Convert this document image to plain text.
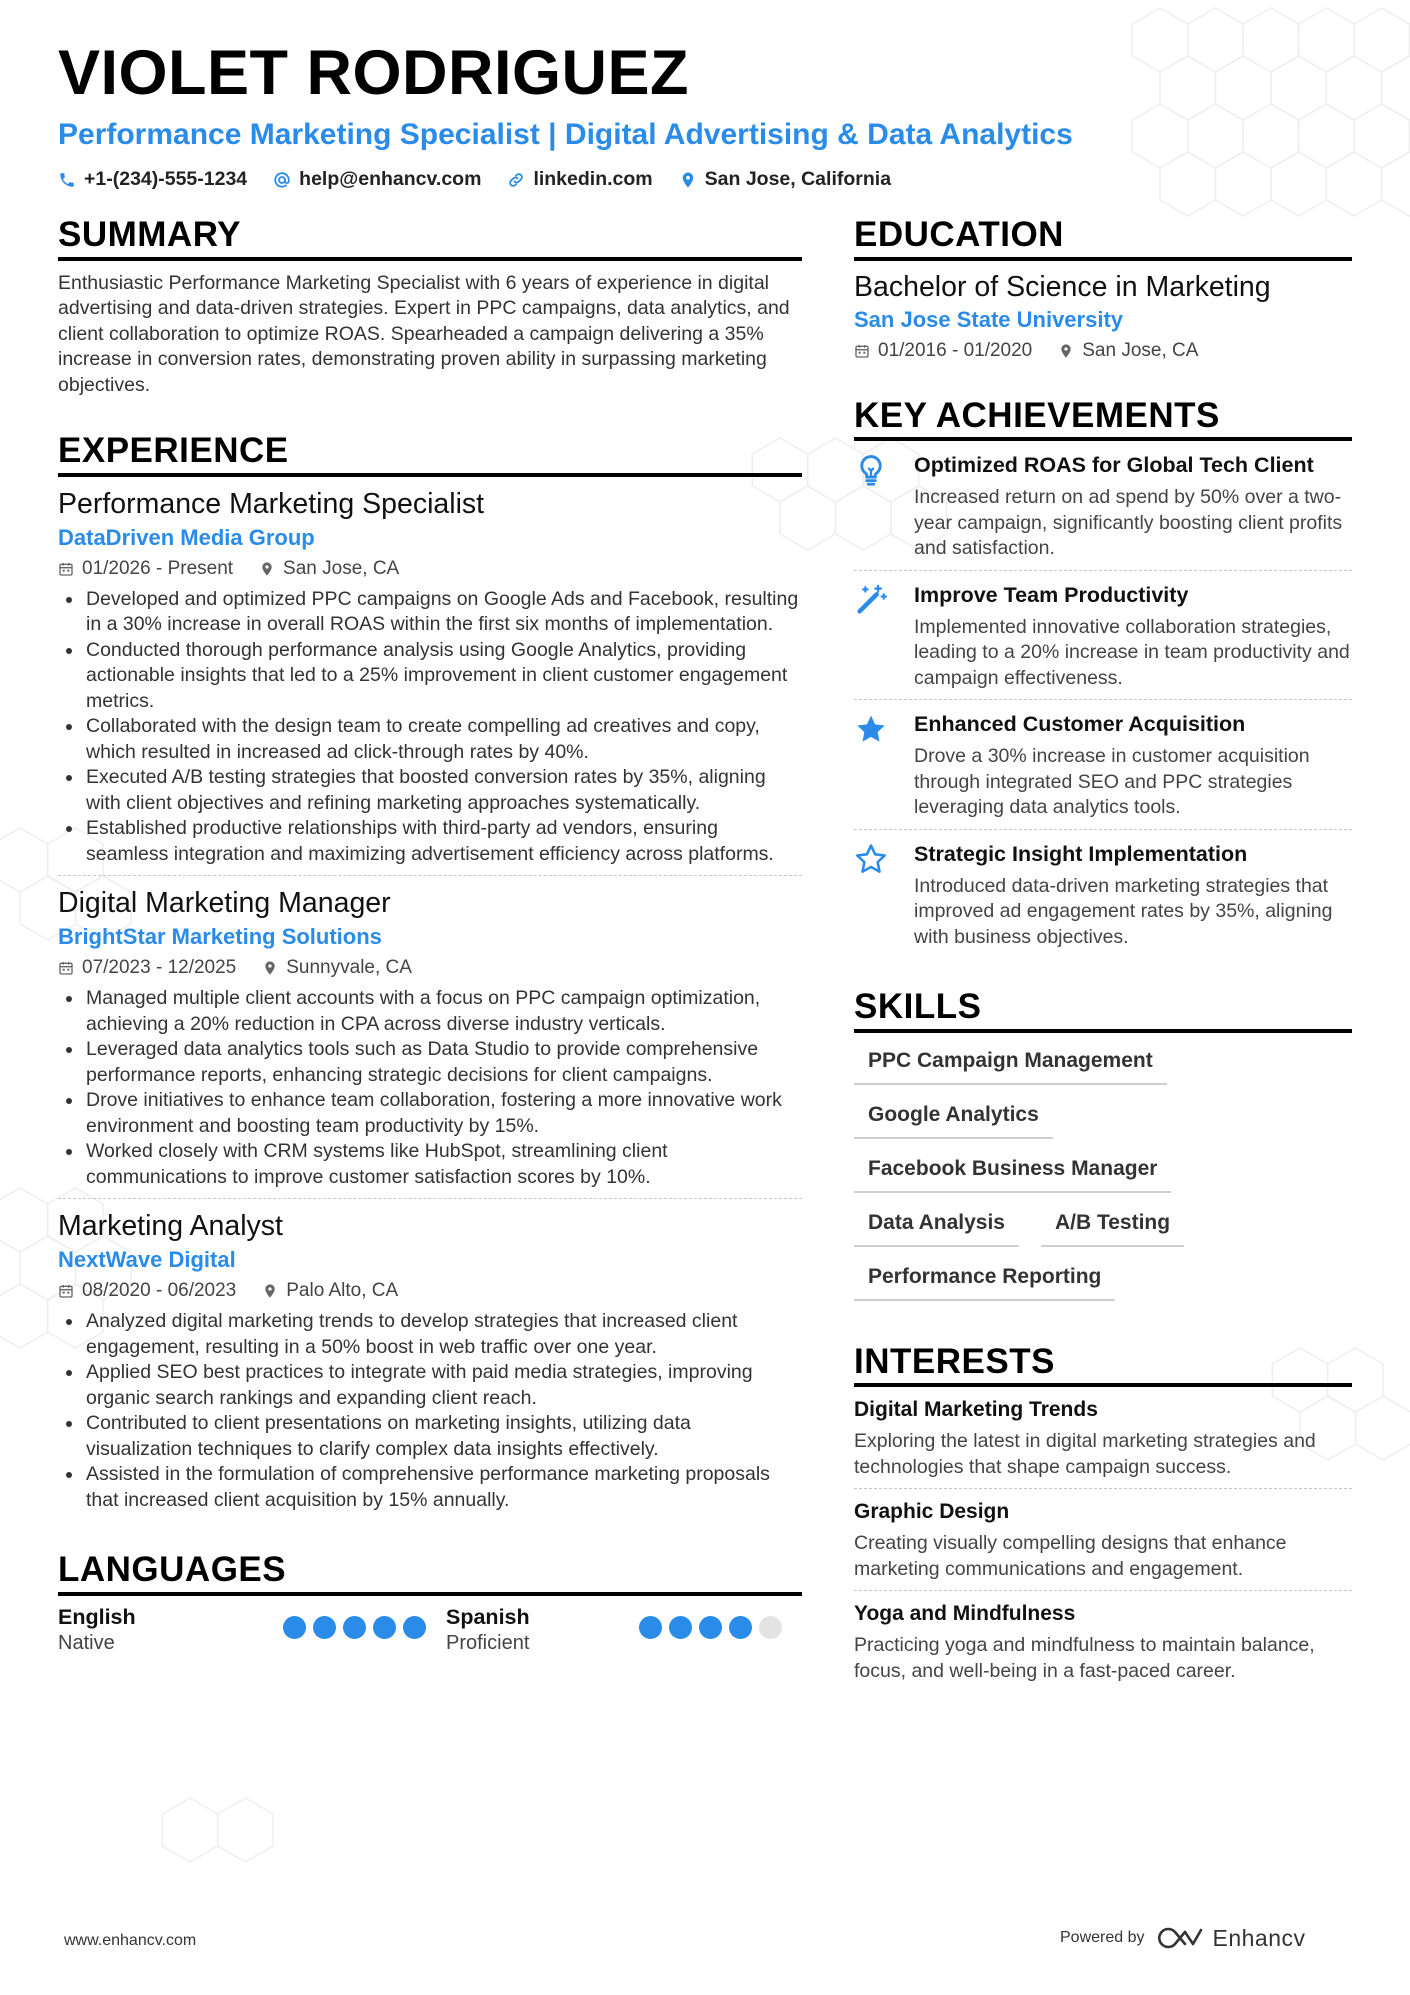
VIOLET RODRIGUEZ
Performance Marketing Specialist | Digital Advertising & Data Analytics
+1-(234)-555-1234	help@enhancv.com	linkedin.com	San Jose, California
SUMMARY
Enthusiastic Performance Marketing Specialist with 6 years of experience in digital advertising and data-driven strategies. Expert in PPC campaigns, data analytics, and client collaboration to optimize ROAS. Spearheaded a campaign delivering a 35% increase in conversion rates, demonstrating proven ability in surpassing marketing objectives.
EXPERIENCE
Performance Marketing Specialist
DataDriven Media Group
01/2026 - Present	San Jose, CA
Developed and optimized PPC campaigns on Google Ads and Facebook, resulting in a 30% increase in overall ROAS within the first six months of implementation.
Conducted thorough performance analysis using Google Analytics, providing actionable insights that led to a 25% improvement in client customer engagement metrics.
Collaborated with the design team to create compelling ad creatives and copy, which resulted in increased ad click-through rates by 40%.
Executed A/B testing strategies that boosted conversion rates by 35%, aligning with client objectives and refining marketing approaches systematically.
Established productive relationships with third-party ad vendors, ensuring seamless integration and maximizing advertisement efficiency across platforms.
Digital Marketing Manager
BrightStar Marketing Solutions
07/2023 - 12/2025	Sunnyvale, CA
Managed multiple client accounts with a focus on PPC campaign optimization, achieving a 20% reduction in CPA across diverse industry verticals.
Leveraged data analytics tools such as Data Studio to provide comprehensive performance reports, enhancing strategic decisions for client campaigns.
Drove initiatives to enhance team collaboration, fostering a more innovative work environment and boosting team productivity by 15%.
Worked closely with CRM systems like HubSpot, streamlining client communications to improve customer satisfaction scores by 10%.
Marketing Analyst
NextWave Digital
08/2020 - 06/2023	Palo Alto, CA
Analyzed digital marketing trends to develop strategies that increased client engagement, resulting in a 50% boost in web traffic over one year.
Applied SEO best practices to integrate with paid media strategies, improving organic search rankings and expanding client reach.
Contributed to client presentations on marketing insights, utilizing data visualization techniques to clarify complex data insights effectively.
Assisted in the formulation of comprehensive performance marketing proposals that increased client acquisition by 15% annually.
LANGUAGES
English
Native
Spanish
Proficient
EDUCATION
Bachelor of Science in Marketing
San Jose State University
01/2016 - 01/2020	San Jose, CA
KEY ACHIEVEMENTS
Optimized ROAS for Global Tech Client
Increased return on ad spend by 50% over a two-year campaign, significantly boosting client profits and satisfaction.
Improve Team Productivity
Implemented innovative collaboration strategies, leading to a 20% increase in team productivity and campaign effectiveness.
Enhanced Customer Acquisition
Drove a 30% increase in customer acquisition through integrated SEO and PPC strategies leveraging data analytics tools.
Strategic Insight Implementation
Introduced data-driven marketing strategies that improved ad engagement rates by 35%, aligning with business objectives.
SKILLS
PPC Campaign Management
Google Analytics
Facebook Business Manager
Data Analysis	A/B Testing
Performance Reporting
INTERESTS
Digital Marketing Trends
Exploring the latest in digital marketing strategies and technologies that shape campaign success.
Graphic Design
Creating visually compelling designs that enhance marketing communications and engagement.
Yoga and Mindfulness
Practicing yoga and mindfulness to maintain balance, focus, and well-being in a fast-paced career.
www.enhancv.com	Powered by	Enhancv
